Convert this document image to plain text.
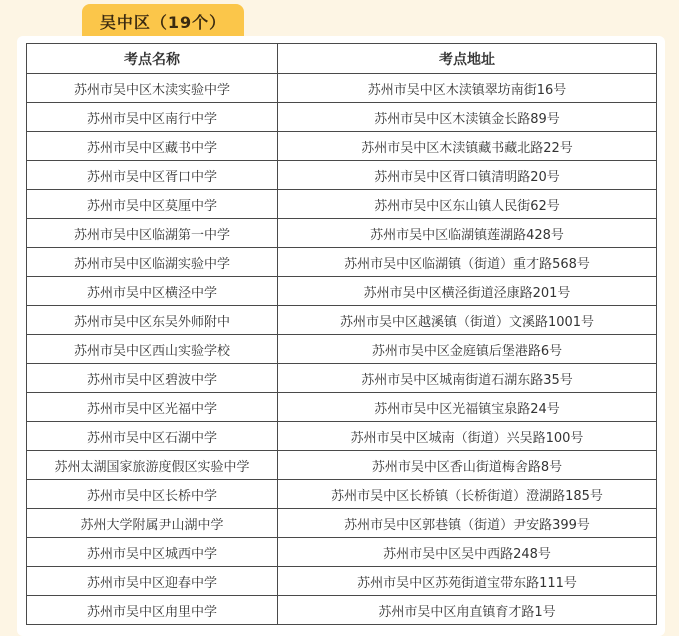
吴中区（19个）
考点名称	考点地址
苏州市吴中区木渎实验中学	苏州市吴中区木渎镇翠坊南街16号
苏州市吴中区南行中学	苏州市吴中区木渎镇金长路89号
苏州市吴中区藏书中学	苏州市吴中区木渎镇藏书藏北路22号
苏州市吴中区胥口中学	苏州市吴中区胥口镇清明路20号
苏州市吴中区莫厘中学	苏州市吴中区东山镇人民街62号
苏州市吴中区临湖第一中学	苏州市吴中区临湖镇莲湖路428号
苏州市吴中区临湖实验中学	苏州市吴中区临湖镇（街道）重才路568号
苏州市吴中区横泾中学	苏州市吴中区横泾街道泾康路201号
苏州市吴中区东吴外师附中	苏州市吴中区越溪镇（街道）文溪路1001号
苏州市吴中区西山实验学校	苏州市吴中区金庭镇后堡港路6号
苏州市吴中区碧波中学	苏州市吴中区城南街道石湖东路35号
苏州市吴中区光福中学	苏州市吴中区光福镇宝泉路24号
苏州市吴中区石湖中学	苏州市吴中区城南（街道）兴吴路100号
苏州太湖国家旅游度假区实验中学	苏州市吴中区香山街道梅舍路8号
苏州市吴中区长桥中学	苏州市吴中区长桥镇（长桥街道）澄湖路185号
苏州大学附属尹山湖中学	苏州市吴中区郭巷镇（街道）尹安路399号
苏州市吴中区城西中学	苏州市吴中区吴中西路248号
苏州市吴中区迎春中学	苏州市吴中区苏苑街道宝带东路111号
苏州市吴中区甪里中学	苏州市吴中区甪直镇育才路1号
